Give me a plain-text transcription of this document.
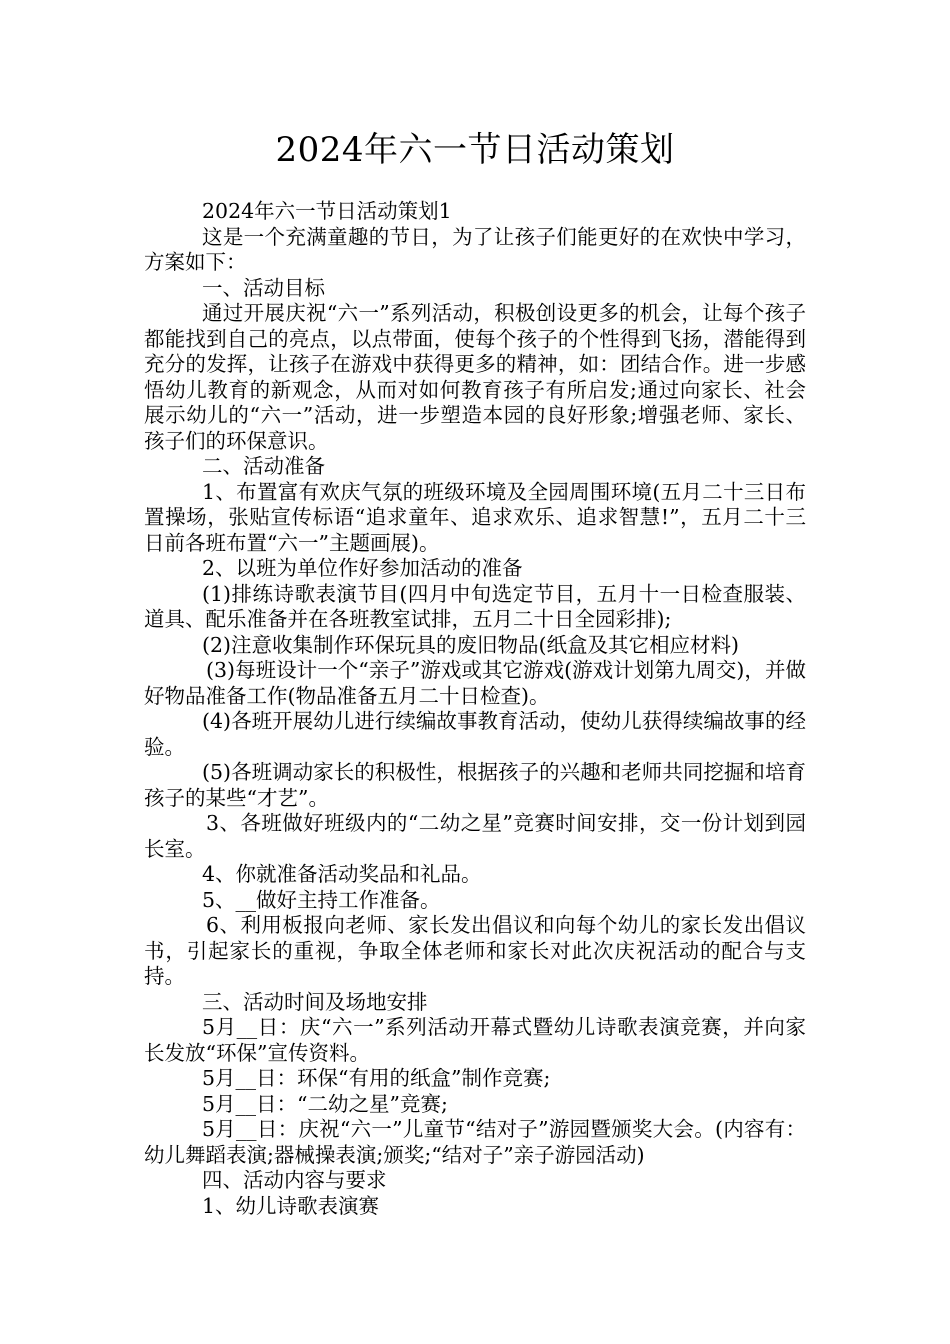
2024年六一节日活动策划

2024年六一节日活动策划1

这是一个充满童趣的节日，为了让孩子们能更好的在欢快中学习，方案如下：

一、活动目标

通过开展庆祝“六一”系列活动，积极创设更多的机会，让每个孩子都能找到自己的亮点，以点带面，使每个孩子的个性得到飞扬，潜能得到充分的发挥，让孩子在游戏中获得更多的精神，如：团结合作。进一步感悟幼儿教育的新观念，从而对如何教育孩子有所启发;通过向家长、社会展示幼儿的“六一”活动，进一步塑造本园的良好形象;增强老师、家长、孩子们的环保意识。

二、活动准备

1、布置富有欢庆气氛的班级环境及全园周围环境(五月二十三日布置操场，张贴宣传标语“追求童年、追求欢乐、追求智慧!”，五月二十三日前各班布置“六一”主题画展)。

2、以班为单位作好参加活动的准备

(1)排练诗歌表演节目(四月中旬选定节目，五月十一日检查服装、道具、配乐准备并在各班教室试排，五月二十日全园彩排);

(2)注意收集制作环保玩具的废旧物品(纸盒及其它相应材料)

(3)每班设计一个“亲子”游戏或其它游戏(游戏计划第九周交)，并做好物品准备工作(物品准备五月二十日检查)。

(4)各班开展幼儿进行续编故事教育活动，使幼儿获得续编故事的经验。

(5)各班调动家长的积极性，根据孩子的兴趣和老师共同挖掘和培育孩子的某些“才艺”。

3、各班做好班级内的“二幼之星”竞赛时间安排，交一份计划到园长室。

4、你就准备活动奖品和礼品。

5、__做好主持工作准备。

6、利用板报向老师、家长发出倡议和向每个幼儿的家长发出倡议书，引起家长的重视，争取全体老师和家长对此次庆祝活动的配合与支持。

三、活动时间及场地安排

5月__日：庆“六一”系列活动开幕式暨幼儿诗歌表演竞赛，并向家长发放“环保”宣传资料。

5月__日：环保“有用的纸盒”制作竞赛;

5月__日：“二幼之星”竞赛;

5月__日：庆祝“六一”儿童节“结对子”游园暨颁奖大会。(内容有：幼儿舞蹈表演;器械操表演;颁奖;“结对子”亲子游园活动)

四、活动内容与要求

1、幼儿诗歌表演赛
